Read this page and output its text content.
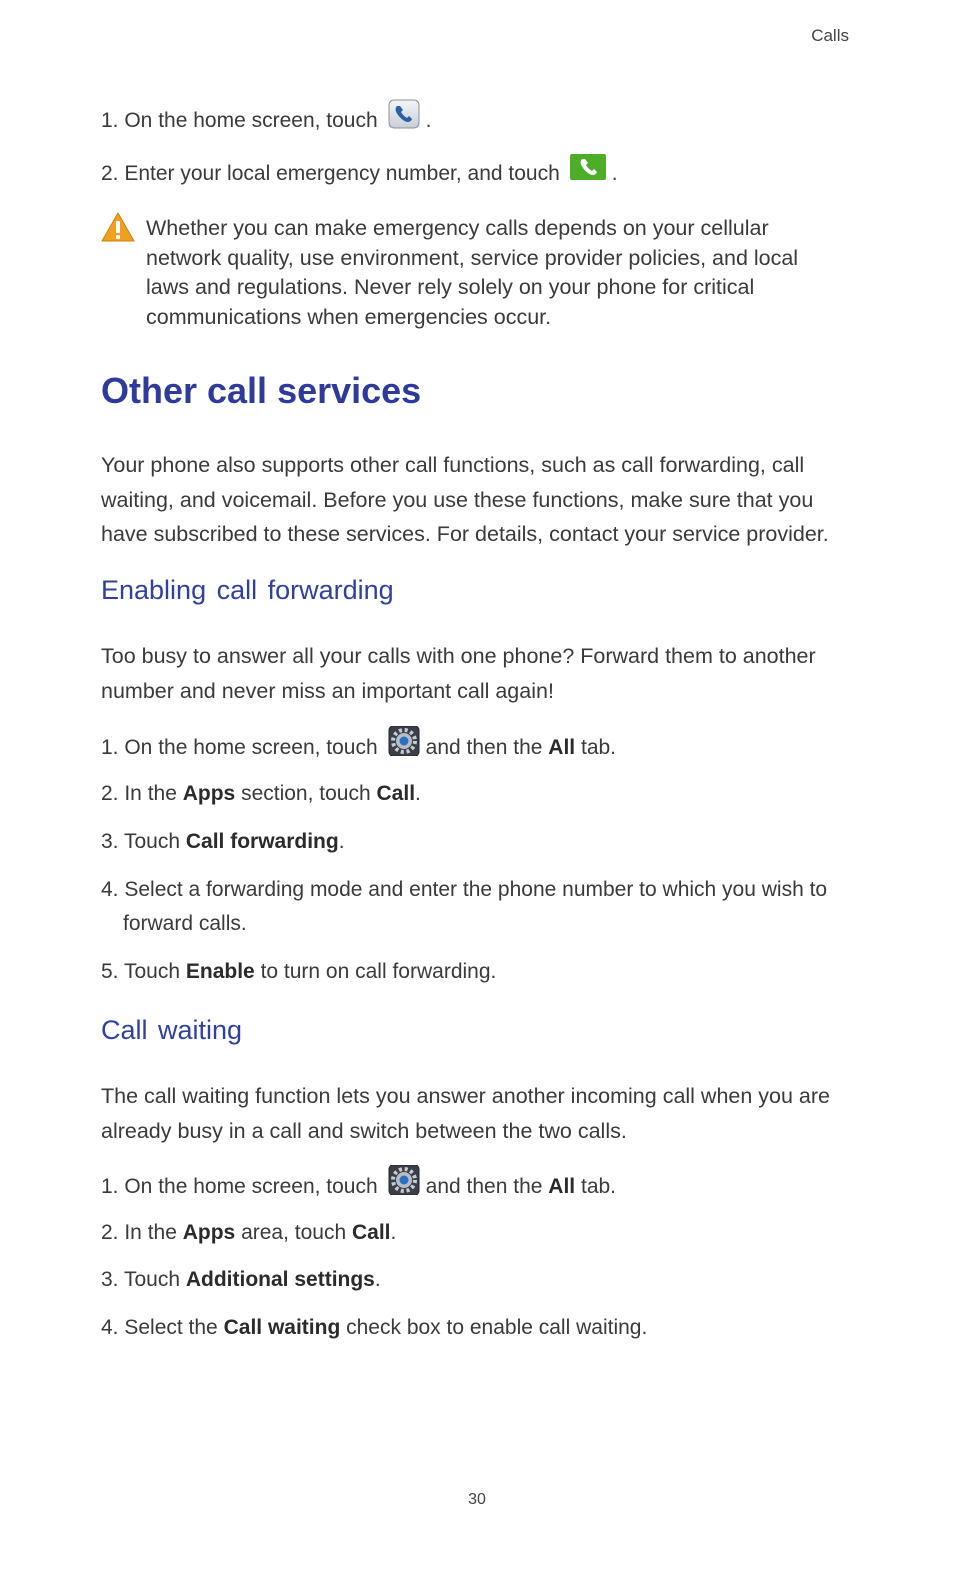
Calls
1. On the home screen, touch .
2. Enter your local emergency number, and touch .
Whether you can make emergency calls depends on your cellular network quality, use environment, service provider policies, and local laws and regulations. Never rely solely on your phone for critical communications when emergencies occur.
Other call services
Your phone also supports other call functions, such as call forwarding, call waiting, and voicemail. Before you use these functions, make sure that you have subscribed to these services. For details, contact your service provider.
Enabling call forwarding
Too busy to answer all your calls with one phone? Forward them to another number and never miss an important call again!
1. On the home screen, touch and then the All tab.
2. In the Apps section, touch Call.
3. Touch Call forwarding.
4. Select a forwarding mode and enter the phone number to which you wish to forward calls.
5. Touch Enable to turn on call forwarding.
Call waiting
The call waiting function lets you answer another incoming call when you are already busy in a call and switch between the two calls.
1. On the home screen, touch and then the All tab.
2. In the Apps area, touch Call.
3. Touch Additional settings.
4. Select the Call waiting check box to enable call waiting.
30
